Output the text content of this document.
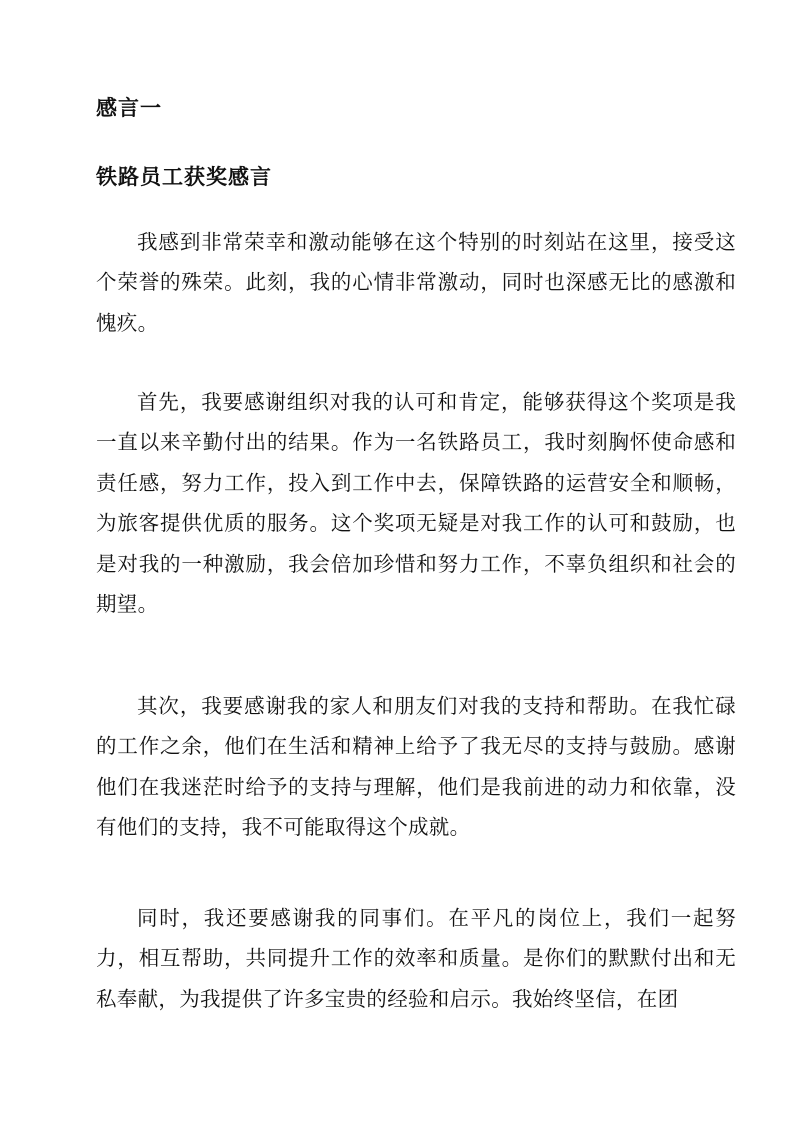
感言一
铁路员工获奖感言

我感到非常荣幸和激动能够在这个特别的时刻站在这里，接受这个荣誉的殊荣。此刻，我的心情非常激动，同时也深感无比的感激和愧疚。

首先，我要感谢组织对我的认可和肯定，能够获得这个奖项是我一直以来辛勤付出的结果。作为一名铁路员工，我时刻胸怀使命感和责任感，努力工作，投入到工作中去，保障铁路的运营安全和顺畅，为旅客提供优质的服务。这个奖项无疑是对我工作的认可和鼓励，也是对我的一种激励，我会倍加珍惜和努力工作，不辜负组织和社会的期望。

其次，我要感谢我的家人和朋友们对我的支持和帮助。在我忙碌的工作之余，他们在生活和精神上给予了我无尽的支持与鼓励。感谢他们在我迷茫时给予的支持与理解，他们是我前进的动力和依靠，没有他们的支持，我不可能取得这个成就。

同时，我还要感谢我的同事们。在平凡的岗位上，我们一起努力，相互帮助，共同提升工作的效率和质量。是你们的默默付出和无私奉献，为我提供了许多宝贵的经验和启示。我始终坚信，在团
